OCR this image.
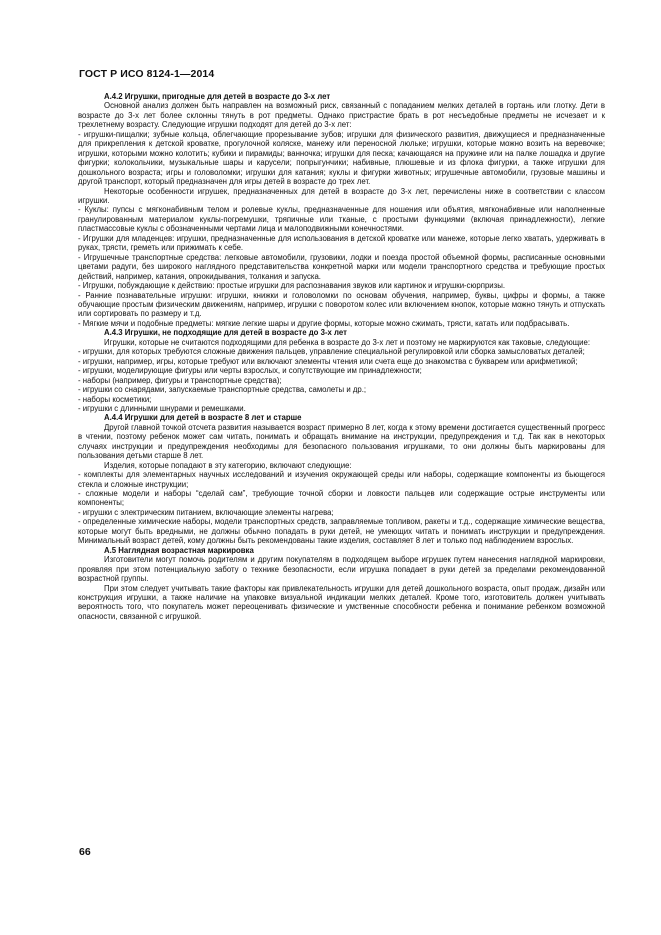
ГОСТ Р ИСО 8124-1—2014

А.4.2 Игрушки, пригодные для детей в возрасте до 3-х лет

Основной анализ должен быть направлен на возможный риск, связанный с попаданием мелких деталей в гортань или глотку. Дети в возрасте до 3-х лет более склонны тянуть в рот предметы. Однако пристрастие брать в рот несъедобные предметы не исчезает и к трехлетнему возрасту. Следующие игрушки подходят для детей до 3-х лет:

- игрушки-пищалки; зубные кольца, облегчающие прорезывание зубов; игрушки для физического развития, движущиеся и предназначенные для прикрепления к детской кроватке, прогулочной коляске, манежу или переносной люльке; игрушки, которые можно возить на веревочке; игрушки, которыми можно колотить; кубики и пирамиды; ванночка; игрушки для песка; качающаяся на пружине или на палке лошадка и другие фигурки; колокольчики, музыкальные шары и карусели; попрыгунчики; набивные, плюшевые и из флока фигурки, а также игрушки для дошкольного возраста; игры и головоломки; игрушки для катания; куклы и фигурки животных; игрушечные автомобили, грузовые машины и другой транспорт, который предназначен для игры детей в возрасте до трех лет.

Некоторые особенности игрушек, предназначенных для детей в возрасте до 3-х лет, перечислены ниже в соответствии с классом игрушки.

- Куклы: пупсы с мягконабивным телом и ролевые куклы, предназначенные для ношения или объятия, мягконабивные или наполненные гранулированным материалом куклы-погремушки, тряпичные или тканые, с простыми функциями (включая принадлежности), легкие пластмассовые куклы с обозначенными чертами лица и малоподвижными конечностями.

- Игрушки для младенцев: игрушки, предназначенные для использования в детской кроватке или манеже, которые легко хватать, удерживать в руках, трясти, греметь или прижимать к себе.

- Игрушечные транспортные средства: легковые автомобили, грузовики, лодки и поезда простой объемной формы, расписанные основными цветами радуги, без широкого наглядного представительства конкретной марки или модели транспортного средства и требующие простых действий, например, катания, опрокидывания, толкания и запуска.

- Игрушки, побуждающие к действию: простые игрушки для распознавания звуков или картинок и игрушки-сюрпризы.

- Ранние познавательные игрушки: игрушки, книжки и головоломки по основам обучения, например, буквы, цифры и формы, а также обучающие простым физическим движениям, например, игрушки с поворотом колес или включением кнопок, которые можно тянуть и отпускать или сортировать по размеру и т.д.

- Мягкие мячи и подобные предметы: мягкие легкие шары и другие формы, которые можно сжимать, трясти, катать или подбрасывать.

А.4.3 Игрушки, не подходящие для детей в возрасте до 3-х лет

Игрушки, которые не считаются подходящими для ребенка в возрасте до 3-х лет и поэтому не маркируются как таковые, следующие:

- игрушки, для которых требуются сложные движения пальцев, управление специальной регулировкой или сборка замысловатых деталей;

- игрушки, например, игры, которые требуют или включают элементы чтения или счета еще до знакомства с букварем или арифметикой;

- игрушки, моделирующие фигуры или черты взрослых, и сопутствующие им принадлежности;

- наборы (например, фигуры и транспортные средства);

- игрушки со снарядами, запускаемые транспортные средства, самолеты и др.;

- наборы косметики;

- игрушки с длинными шнурами и ремешками.

А.4.4 Игрушки для детей в возрасте 8 лет и старше

Другой главной точкой отсчета развития называется возраст примерно 8 лет, когда к этому времени достигается существенный прогресс в чтении, поэтому ребенок может сам читать, понимать и обращать внимание на инструкции, предупреждения и т.д. Так как в некоторых случаях инструкции и предупреждения необходимы для безопасного пользования игрушками, то они должны быть маркированы для пользования детьми старше 8 лет.

Изделия, которые попадают в эту категорию, включают следующие:

- комплекты для элементарных научных исследований и изучения окружающей среды или наборы, содержащие компоненты из бьющегося стекла и сложные инструкции;

- сложные модели и наборы “сделай сам”, требующие точной сборки и ловкости пальцев или содержащие острые инструменты или компоненты;

- игрушки с электрическим питанием, включающие элементы нагрева;

- определенные химические наборы, модели транспортных средств, заправляемые топливом, ракеты и т.д., содержащие химические вещества, которые могут быть вредными, не должны обычно попадать в руки детей, не умеющих читать и понимать инструкции и предупреждения. Минимальный возраст детей, кому должны быть рекомендованы такие изделия, составляет 8 лет и только под наблюдением взрослых.

А.5 Наглядная возрастная маркировка

Изготовители могут помочь родителям и другим покупателям в подходящем выборе игрушек путем нанесения наглядной маркировки, проявляя при этом потенциальную заботу о технике безопасности, если игрушка попадает в руки детей за пределами рекомендованной возрастной группы.

При этом следует учитывать такие факторы как привлекательность игрушки для детей дошкольного возраста, опыт продаж, дизайн или конструкция игрушки, а также наличие на упаковке визуальной индикации мелких деталей. Кроме того, изготовитель должен учитывать вероятность того, что покупатель может переоценивать физические и умственные способности ребенка и понимание ребенком возможной опасности, связанной с игрушкой.

66
